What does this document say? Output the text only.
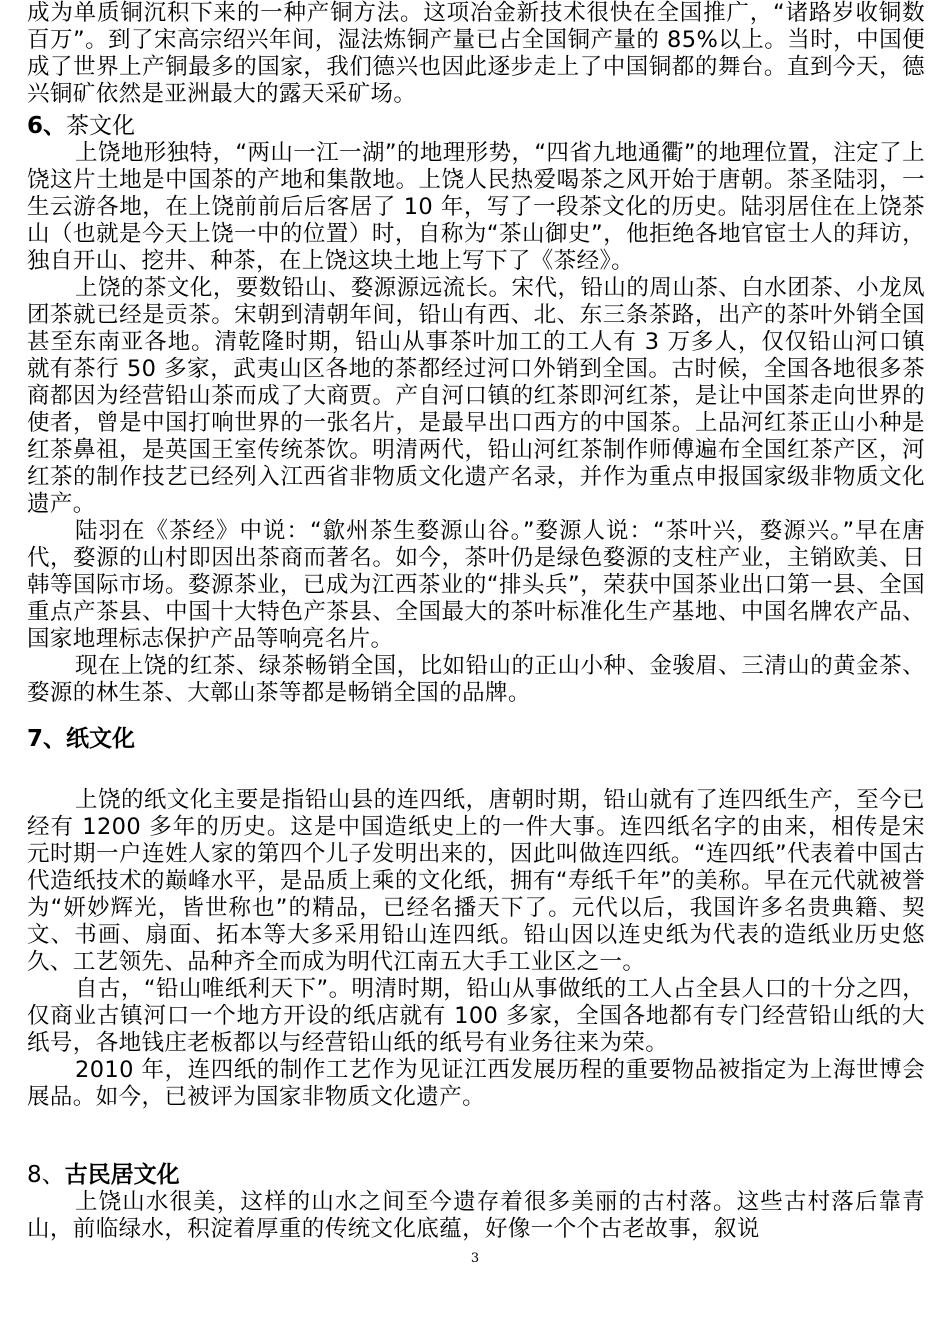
成为单质铜沉积下来的一种产铜方法。这项冶金新技术很快在全国推广，“诸路岁收铜数百万”。到了宋高宗绍兴年间，湿法炼铜产量已占全国铜产量的 85%以上。当时，中国便成了世界上产铜最多的国家，我们德兴也因此逐步走上了中国铜都的舞台。直到今天，德兴铜矿依然是亚洲最大的露天采矿场。

6、茶文化

上饶地形独特，“两山一江一湖”的地理形势，“四省九地通衢”的地理位置，注定了上饶这片土地是中国茶的产地和集散地。上饶人民热爱喝茶之风开始于唐朝。茶圣陆羽，一生云游各地，在上饶前前后后客居了 10 年，写了一段茶文化的历史。陆羽居住在上饶茶山（也就是今天上饶一中的位置）时，自称为“茶山御史”，他拒绝各地官宦士人的拜访，独自开山、挖井、种茶，在上饶这块土地上写下了《茶经》。

上饶的茶文化，要数铅山、婺源源远流长。宋代，铅山的周山茶、白水团茶、小龙凤团茶就已经是贡茶。宋朝到清朝年间，铅山有西、北、东三条茶路，出产的茶叶外销全国甚至东南亚各地。清乾隆时期，铅山从事茶叶加工的工人有 3 万多人，仅仅铅山河口镇就有茶行 50 多家，武夷山区各地的茶都经过河口外销到全国。古时候，全国各地很多茶商都因为经营铅山茶而成了大商贾。产自河口镇的红茶即河红茶，是让中国茶走向世界的使者，曾是中国打响世界的一张名片，是最早出口西方的中国茶。上品河红茶正山小种是红茶鼻祖，是英国王室传统茶饮。明清两代，铅山河红茶制作师傅遍布全国红茶产区，河红茶的制作技艺已经列入江西省非物质文化遗产名录，并作为重点申报国家级非物质文化遗产。

陆羽在《茶经》中说：“歙州茶生婺源山谷。”婺源人说：“茶叶兴，婺源兴。”早在唐代，婺源的山村即因出茶商而著名。如今，茶叶仍是绿色婺源的支柱产业，主销欧美、日韩等国际市场。婺源茶业，已成为江西茶业的“排头兵”，荣获中国茶业出口第一县、全国重点产茶县、中国十大特色产茶县、全国最大的茶叶标准化生产基地、中国名牌农产品、国家地理标志保护产品等响亮名片。

现在上饶的红茶、绿茶畅销全国，比如铅山的正山小种、金骏眉、三清山的黄金茶、婺源的林生茶、大鄣山茶等都是畅销全国的品牌。

7、纸文化

上饶的纸文化主要是指铅山县的连四纸，唐朝时期，铅山就有了连四纸生产，至今已经有 1200 多年的历史。这是中国造纸史上的一件大事。连四纸名字的由来，相传是宋元时期一户连姓人家的第四个儿子发明出来的，因此叫做连四纸。“连四纸”代表着中国古代造纸技术的巅峰水平，是品质上乘的文化纸，拥有“寿纸千年”的美称。早在元代就被誉为“妍妙辉光，皆世称也”的精品，已经名播天下了。元代以后，我国许多名贵典籍、契文、书画、扇面、拓本等大多采用铅山连四纸。铅山因以连史纸为代表的造纸业历史悠久、工艺领先、品种齐全而成为明代江南五大手工业区之一。

自古，“铅山唯纸利天下”。明清时期，铅山从事做纸的工人占全县人口的十分之四，仅商业古镇河口一个地方开设的纸店就有 100 多家，全国各地都有专门经营铅山纸的大纸号，各地钱庄老板都以与经营铅山纸的纸号有业务往来为荣。

2010 年，连四纸的制作工艺作为见证江西发展历程的重要物品被指定为上海世博会展品。如今，已被评为国家非物质文化遗产。

8、古民居文化

上饶山水很美，这样的山水之间至今遗存着很多美丽的古村落。这些古村落后靠青山，前临绿水，积淀着厚重的传统文化底蕴，好像一个个古老故事，叙说

3
